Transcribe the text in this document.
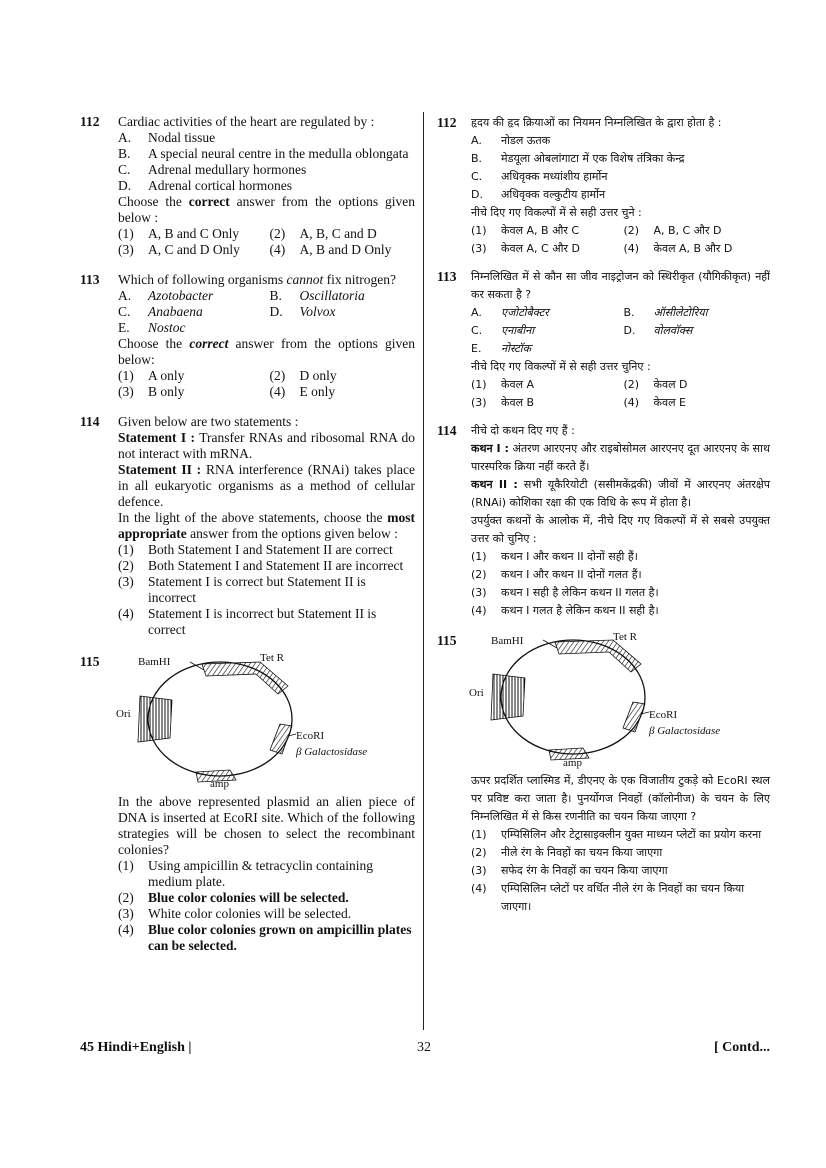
112 Cardiac activities of the heart are regulated by :

A.	Nodal tissue
B.	A special neural centre in the medulla oblongata
C.	Adrenal medullary hormones
D.	Adrenal cortical hormones

Choose the correct answer from the options given below :

(1)	A, B and C Only (2)	A, B, C and D
(3)	A, C and D Only (4)	A, B and D Only
113 Which of following organisms cannot fix nitrogen?

A.	Azotobacter	B.	Oscillatoria
C.	Anabaena	D.	Volvox
E.	Nostoc

Choose the correct answer from the options given below:

(1)	A only	(2)	D only
(3)	B only	(4)	E only
114 Given below are two statements :

Statement I : Transfer RNAs and ribosomal RNA do not interact with mRNA.

Statement II : RNA interference (RNAi) takes place in all eukaryotic organisms as a method of cellular defence.

In the light of the above statements, choose the most appropriate answer from the options given below :

(1)	Both Statement I and Statement II are correct
(2)	Both Statement I and Statement II are incorrect
(3)	Statement I is correct but Statement II is incorrect
(4)	Statement I is incorrect but Statement II is correct
115	BamHI	Tet R
Ori
EcoRI
β Galactosidase
amp

In the above represented plasmid an alien piece of DNA is inserted at EcoRI site. Which of the following strategies will be chosen to select the recombinant colonies?

(1)	Using ampicillin & tetracyclin containing medium plate.
(2)	Blue color colonies will be selected.
(3)	White color colonies will be selected.
(4)	Blue color colonies grown on ampicillin plates can be selected.
112 हृदय की हृद क्रियाओं का नियमन निम्नलिखित के द्वारा होता है :

A.	नोडल ऊतक
B.	मेडयूला ओबलांगाटा में एक विशेष तंत्रिका केन्द्र
C.	अधिवृक्क मध्यांशीय हार्मोन
D.	अधिवृक्क वल्कुटीय हार्मोन

नीचे दिए गए विकल्पों में से सही उत्तर चुने :

(1)	केवल A, B और C	(2)	A, B, C और D
(3)	केवल A, C और D	(4)	केवल A, B और D
113 निम्नलिखित में से कौन सा जीव नाइट्रोजन को स्थिरीकृत (यौगिकीकृत) नहीं कर सकता है ?

A.	एजोटोबैक्टर	B.	ऑसीलेटोरिया
C.	एनाबीना	D.	वोलवॉक्स
E.	नोस्टॉक

नीचे दिए गए विकल्पों में से सही उत्तर चुनिए :

(1)	केवल A	(2)	केवल D
(3)	केवल B	(4)	केवल E
114 नीचे दो कथन दिए गए हैं :

कथन I : अंतरण आरएनए और राइबोसोमल आरएनए दूत आरएनए के साथ पारस्परिक क्रिया नहीं करते हैं।

कथन II : सभी यूकैरियोटी (ससीमकेंद्रकी) जीवों में आरएनए अंतरक्षेप (RNAi) कोशिका रक्षा की एक विधि के रूप में होता है।

उपर्युक्त कथनों के आलोक में, नीचे दिए गए विकल्पों में से सबसे उपयुक्त उत्तर को चुनिए :

(1)	कथन I और कथन II दोनों सही हैं।
(2)	कथन I और कथन II दोनों गलत हैं।
(3)	कथन I सही है लेकिन कथन II गलत है।
(4)	कथन I गलत है लेकिन कथन II सही है।
115	BamHI	Tet R
Ori
EcoRI
β Galactosidase
amp

ऊपर प्रदर्शित प्लास्मिड में, डीएनए के एक विजातीय टुकड़े को EcoRI स्थल पर प्रविष्ट करा जाता है। पुनर्योगज निवहों (कॉलोनीज) के चयन के लिए निम्नलिखित में से किस रणनीति का चयन किया जाएगा ?

(1)	एम्पिसिलिन और टेट्रासाइक्लीन युक्त माध्यन प्लेटों का प्रयोग करना
(2)	नीले रंग के निवहों का चयन किया जाएगा
(3)	सफेद रंग के निवहों का चयन किया जाएगा
(4)	एम्पिसिलिन प्लेटों पर वर्धित नीले रंग के निवहों का चयन किया जाएगा।
45 Hindi+English |	32	[ Contd...
